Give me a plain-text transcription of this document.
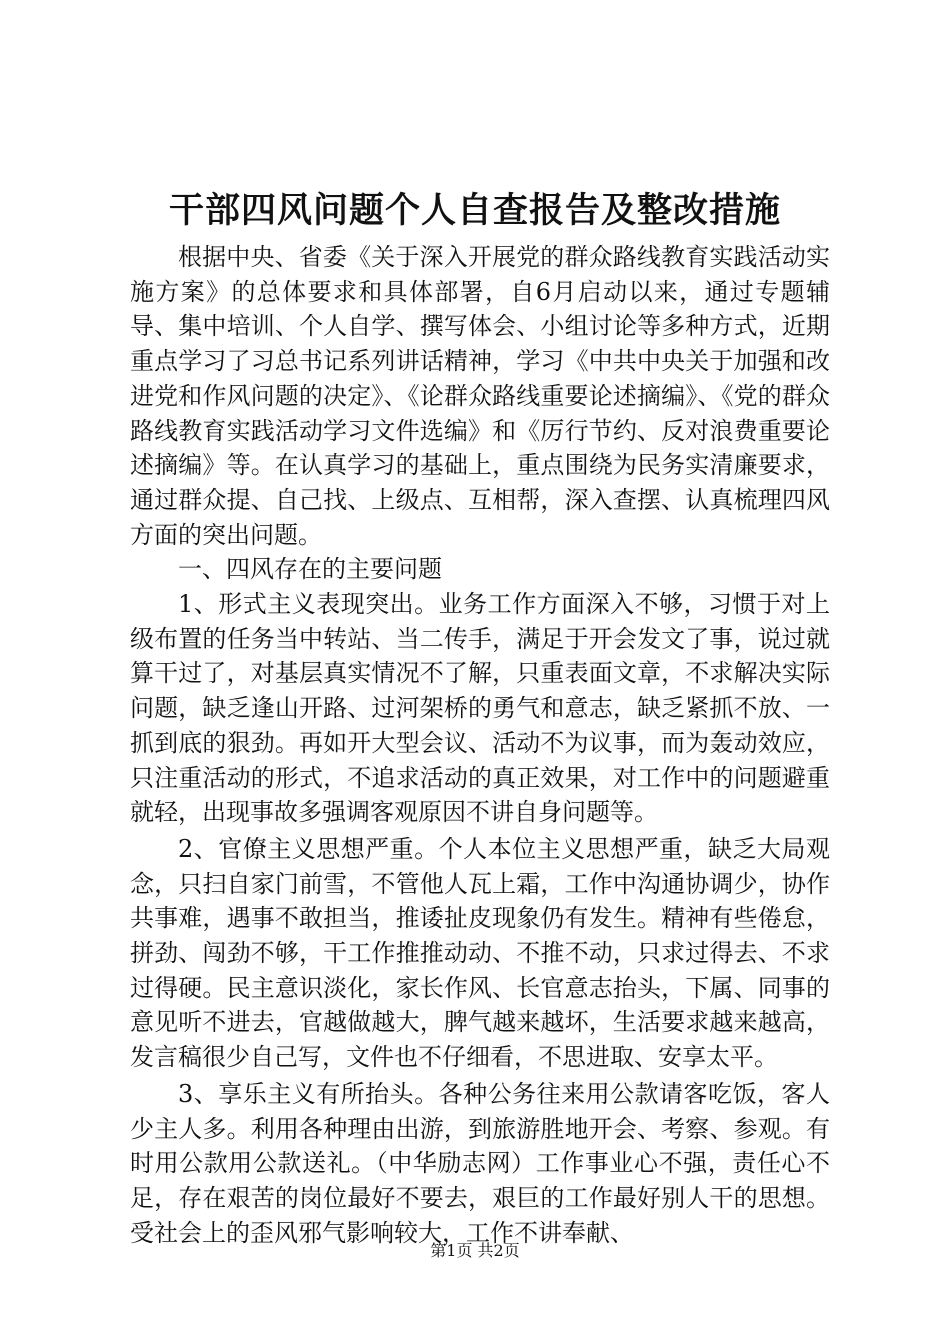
干部四风问题个人自查报告及整改措施

根据中央、省委《关于深入开展党的群众路线教育实践活动实施方案》的总体要求和具体部署，自6月启动以来，通过专题辅导、集中培训、个人自学、撰写体会、小组讨论等多种方式，近期重点学习了习总书记系列讲话精神，学习《中共中央关于加强和改进党和作风问题的决定》、《论群众路线重要论述摘编》、《党的群众路线教育实践活动学习文件选编》和《厉行节约、反对浪费重要论述摘编》等。在认真学习的基础上，重点围绕为民务实清廉要求，通过群众提、自己找、上级点、互相帮，深入查摆、认真梳理四风方面的突出问题。

一、四风存在的主要问题

1、形式主义表现突出。业务工作方面深入不够，习惯于对上级布置的任务当中转站、当二传手，满足于开会发文了事，说过就算干过了，对基层真实情况不了解，只重表面文章，不求解决实际问题，缺乏逢山开路、过河架桥的勇气和意志，缺乏紧抓不放、一抓到底的狠劲。再如开大型会议、活动不为议事，而为轰动效应，只注重活动的形式，不追求活动的真正效果，对工作中的问题避重就轻，出现事故多强调客观原因不讲自身问题等。

2、官僚主义思想严重。个人本位主义思想严重，缺乏大局观念，只扫自家门前雪，不管他人瓦上霜，工作中沟通协调少，协作共事难，遇事不敢担当，推诿扯皮现象仍有发生。精神有些倦怠，拼劲、闯劲不够，干工作推推动动、不推不动，只求过得去、不求过得硬。民主意识淡化，家长作风、长官意志抬头，下属、同事的意见听不进去，官越做越大，脾气越来越坏，生活要求越来越高，发言稿很少自己写，文件也不仔细看，不思进取、安享太平。

3、享乐主义有所抬头。各种公务往来用公款请客吃饭，客人少主人多。利用各种理由出游，到旅游胜地开会、考察、参观。有时用公款用公款送礼。（中华励志网）工作事业心不强，责任心不足，存在艰苦的岗位最好不要去，艰巨的工作最好别人干的思想。受社会上的歪风邪气影响较大，工作不讲奉献、

第1页 共2页
